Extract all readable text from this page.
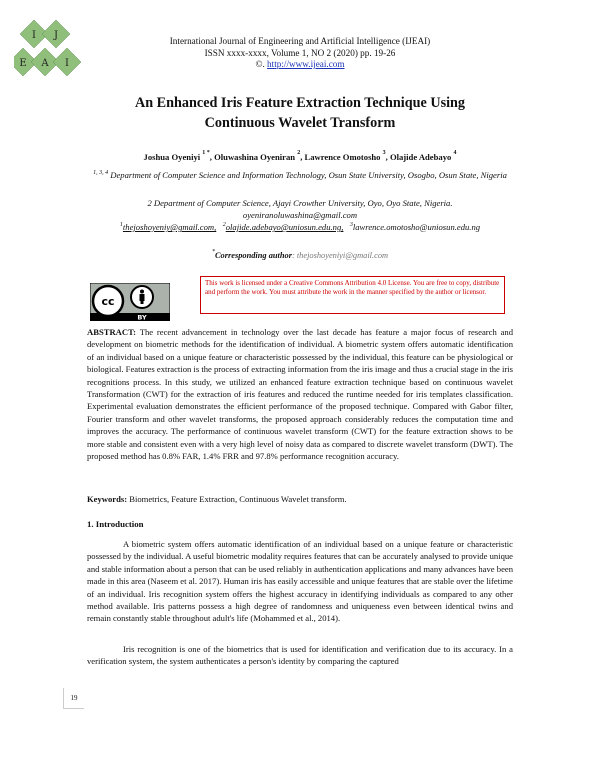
I J
E A I
International Journal of Engineering and Artificial Intelligence (IJEAI)
ISSN xxxx-xxxx, Volume 1, NO 2 (2020) pp. 19-26
©. http://www.ijeai.com
An Enhanced Iris Feature Extraction Technique Using
Continuous Wavelet Transform
Joshua Oyeniyi $^{1 *}$, Oluwashina Oyeniran $^2$, Lawrence Omotosho $^3$, Olajide Adebayo $^4$
$^{1, 3, 4}$ Department of Computer Science and Information Technology, Osun State University, Osogbo, Osun State, Nigeria
2 Department of Computer Science, Ajayi Crowther University, Oyo, Oyo State, Nigeria.
oyeniranoluwashina@gmail.com
$^1$thejoshoyeniy@gmail.com, $^2$olajide.adebayo@uniosun.edu.ng, $^3$lawrence.omotosho@uniosun.edu.ng
*Corresponding author: thejoshoyeniyi@gmail.com
cc
BY
This work is licensed under a Creative Commons Attribution 4.0 License. You are free to copy, distribute and perform the work. You must attribute the work in the manner specified by the author or licensor.
ABSTRACT: The recent advancement in technology over the last decade has feature a major focus of research and development on biometric methods for the identification of individual. A biometric system offers automatic identification of an individual based on a unique feature or characteristic possessed by the individual, this feature can be physiological or biological. Features extraction is the process of extracting information from the iris image and thus a crucial stage in the iris recognitions process. In this study, we utilized an enhanced feature extraction technique based on continuous wavelet Transformation (CWT) for the extraction of iris features and reduced the runtime needed for iris templates classification. Experimental evaluation demonstrates the efficient performance of the proposed technique. Compared with Gabor filter, Fourier transform and other wavelet transforms, the proposed approach considerably reduces the computation time and improves the accuracy. The performance of continuous wavelet transform (CWT) for the feature extraction shows to be more stable and consistent even with a very high level of noisy data as compared to discrete wavelet transform (DWT). The proposed method has 0.8% FAR, 1.4% FRR and 97.8% performance recognition accuracy.
Keywords: Biometrics, Feature Extraction, Continuous Wavelet transform.
1. Introduction
A biometric system offers automatic identification of an individual based on a unique feature or characteristic possessed by the individual. A useful biometric modality requires features that can be accurately analysed to provide unique and stable information about a person that can be used reliably in authentication applications and many advances have been made in this area (Naseem et al. 2017). Human iris has easily accessible and unique features that are stable over the lifetime of an individual. Iris recognition system offers the highest accuracy in identifying individuals as compared to any other method available. Iris patterns possess a high degree of randomness and uniqueness even between identical twins and remain constantly stable throughout adult's life (Mohammed et al., 2014).
Iris recognition is one of the biometrics that is used for identification and verification due to its accuracy. In a verification system, the system authenticates a person's identity by comparing the captured
19
